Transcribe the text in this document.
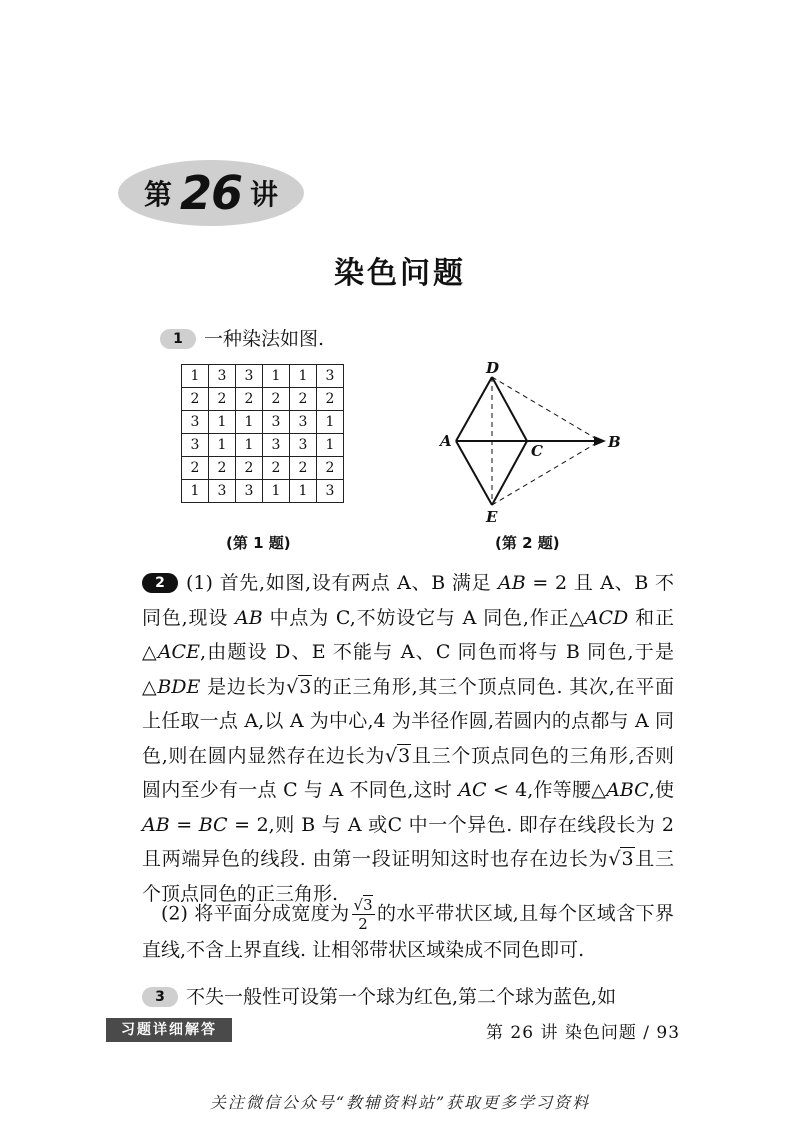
第 26 讲
染色问题
1 一种染法如图.
1	3	3	1	1	3
2	2	2	2	2	2
3	1	1	3	3	1
3	1	1	3	3	1
2	2	2	2	2	2
1	3	3	1	1	3
D
A
C	B
E
(第 1 题)	(第 2 题)
2 (1) 首先,如图,设有两点 A、B 满足 AB = 2 且 A、B 不同色,现设 AB 中点为 C,不妨设它与 A 同色,作正△ACD 和正△ACE,由题设 D、E 不能与 A、C 同色而将与 B 同色,于是△BDE 是边长为√3的正三角形,其三个顶点同色. 其次,在平面上任取一点 A,以 A 为中心,4 为半径作圆,若圆内的点都与 A 同色,则在圆内显然存在边长为√3且三个顶点同色的三角形,否则圆内至少有一点 C 与 A 不同色,这时 AC < 4,作等腰△ABC,使 AB = BC = 2,则 B 与 A 或C 中一个异色. 即存在线段长为 2 且两端异色的线段. 由第一段证明知这时也存在边长为√3且三个顶点同色的正三角形.
(2) 将平面分成宽度为 $\frac{√3}{2}$ 的水平带状区域,且每个区域含下界直线,不含上界直线. 让相邻带状区域染成不同色即可.
3 不失一般性可设第一个球为红色,第二个球为蓝色,如
习题详细解答	第 26 讲 染色问题 / 93
关注微信公众号“教辅资料站”获取更多学习资料
